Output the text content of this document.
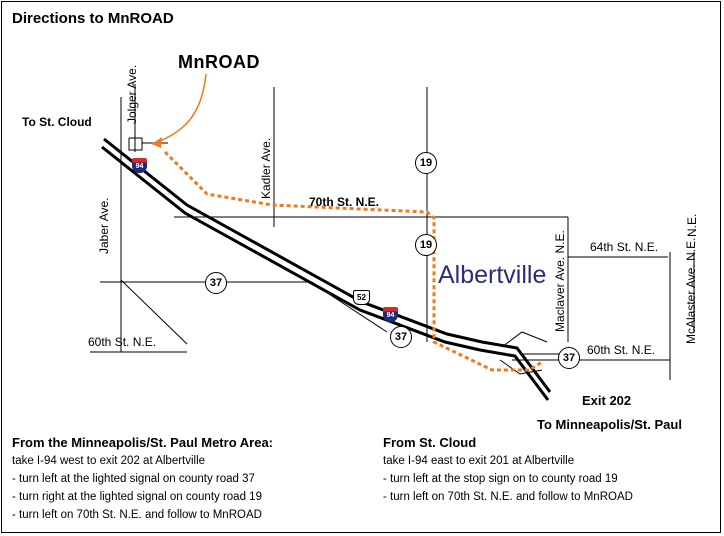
Directions to MnROAD
MnROAD
Albertville
To St. Cloud
Exit 202
To Minneapolis/St. Paul
Jolger Ave.
Jaber Ave.
Kadler Ave.
70th St. N.E.
64th St. N.E.
60th St. N.E.
60th St. N.E.
Maclaver Ave. N.E.	McAlaster Ave. N.E.
N.E.
19
19
37
37
37
94
94
52
From the Minneapolis/St. Paul Metro Area:
take I-94 west to exit 202 at Albertville
- turn left at the lighted signal on county road 37
- turn right at the lighted signal on county road 19
- turn left on 70th St. N.E. and follow to MnROAD
From St. Cloud
take I-94 east to exit 201 at Albertville
- turn left at the stop sign on to county road 19
- turn left on 70th St. N.E. and follow to MnROAD
